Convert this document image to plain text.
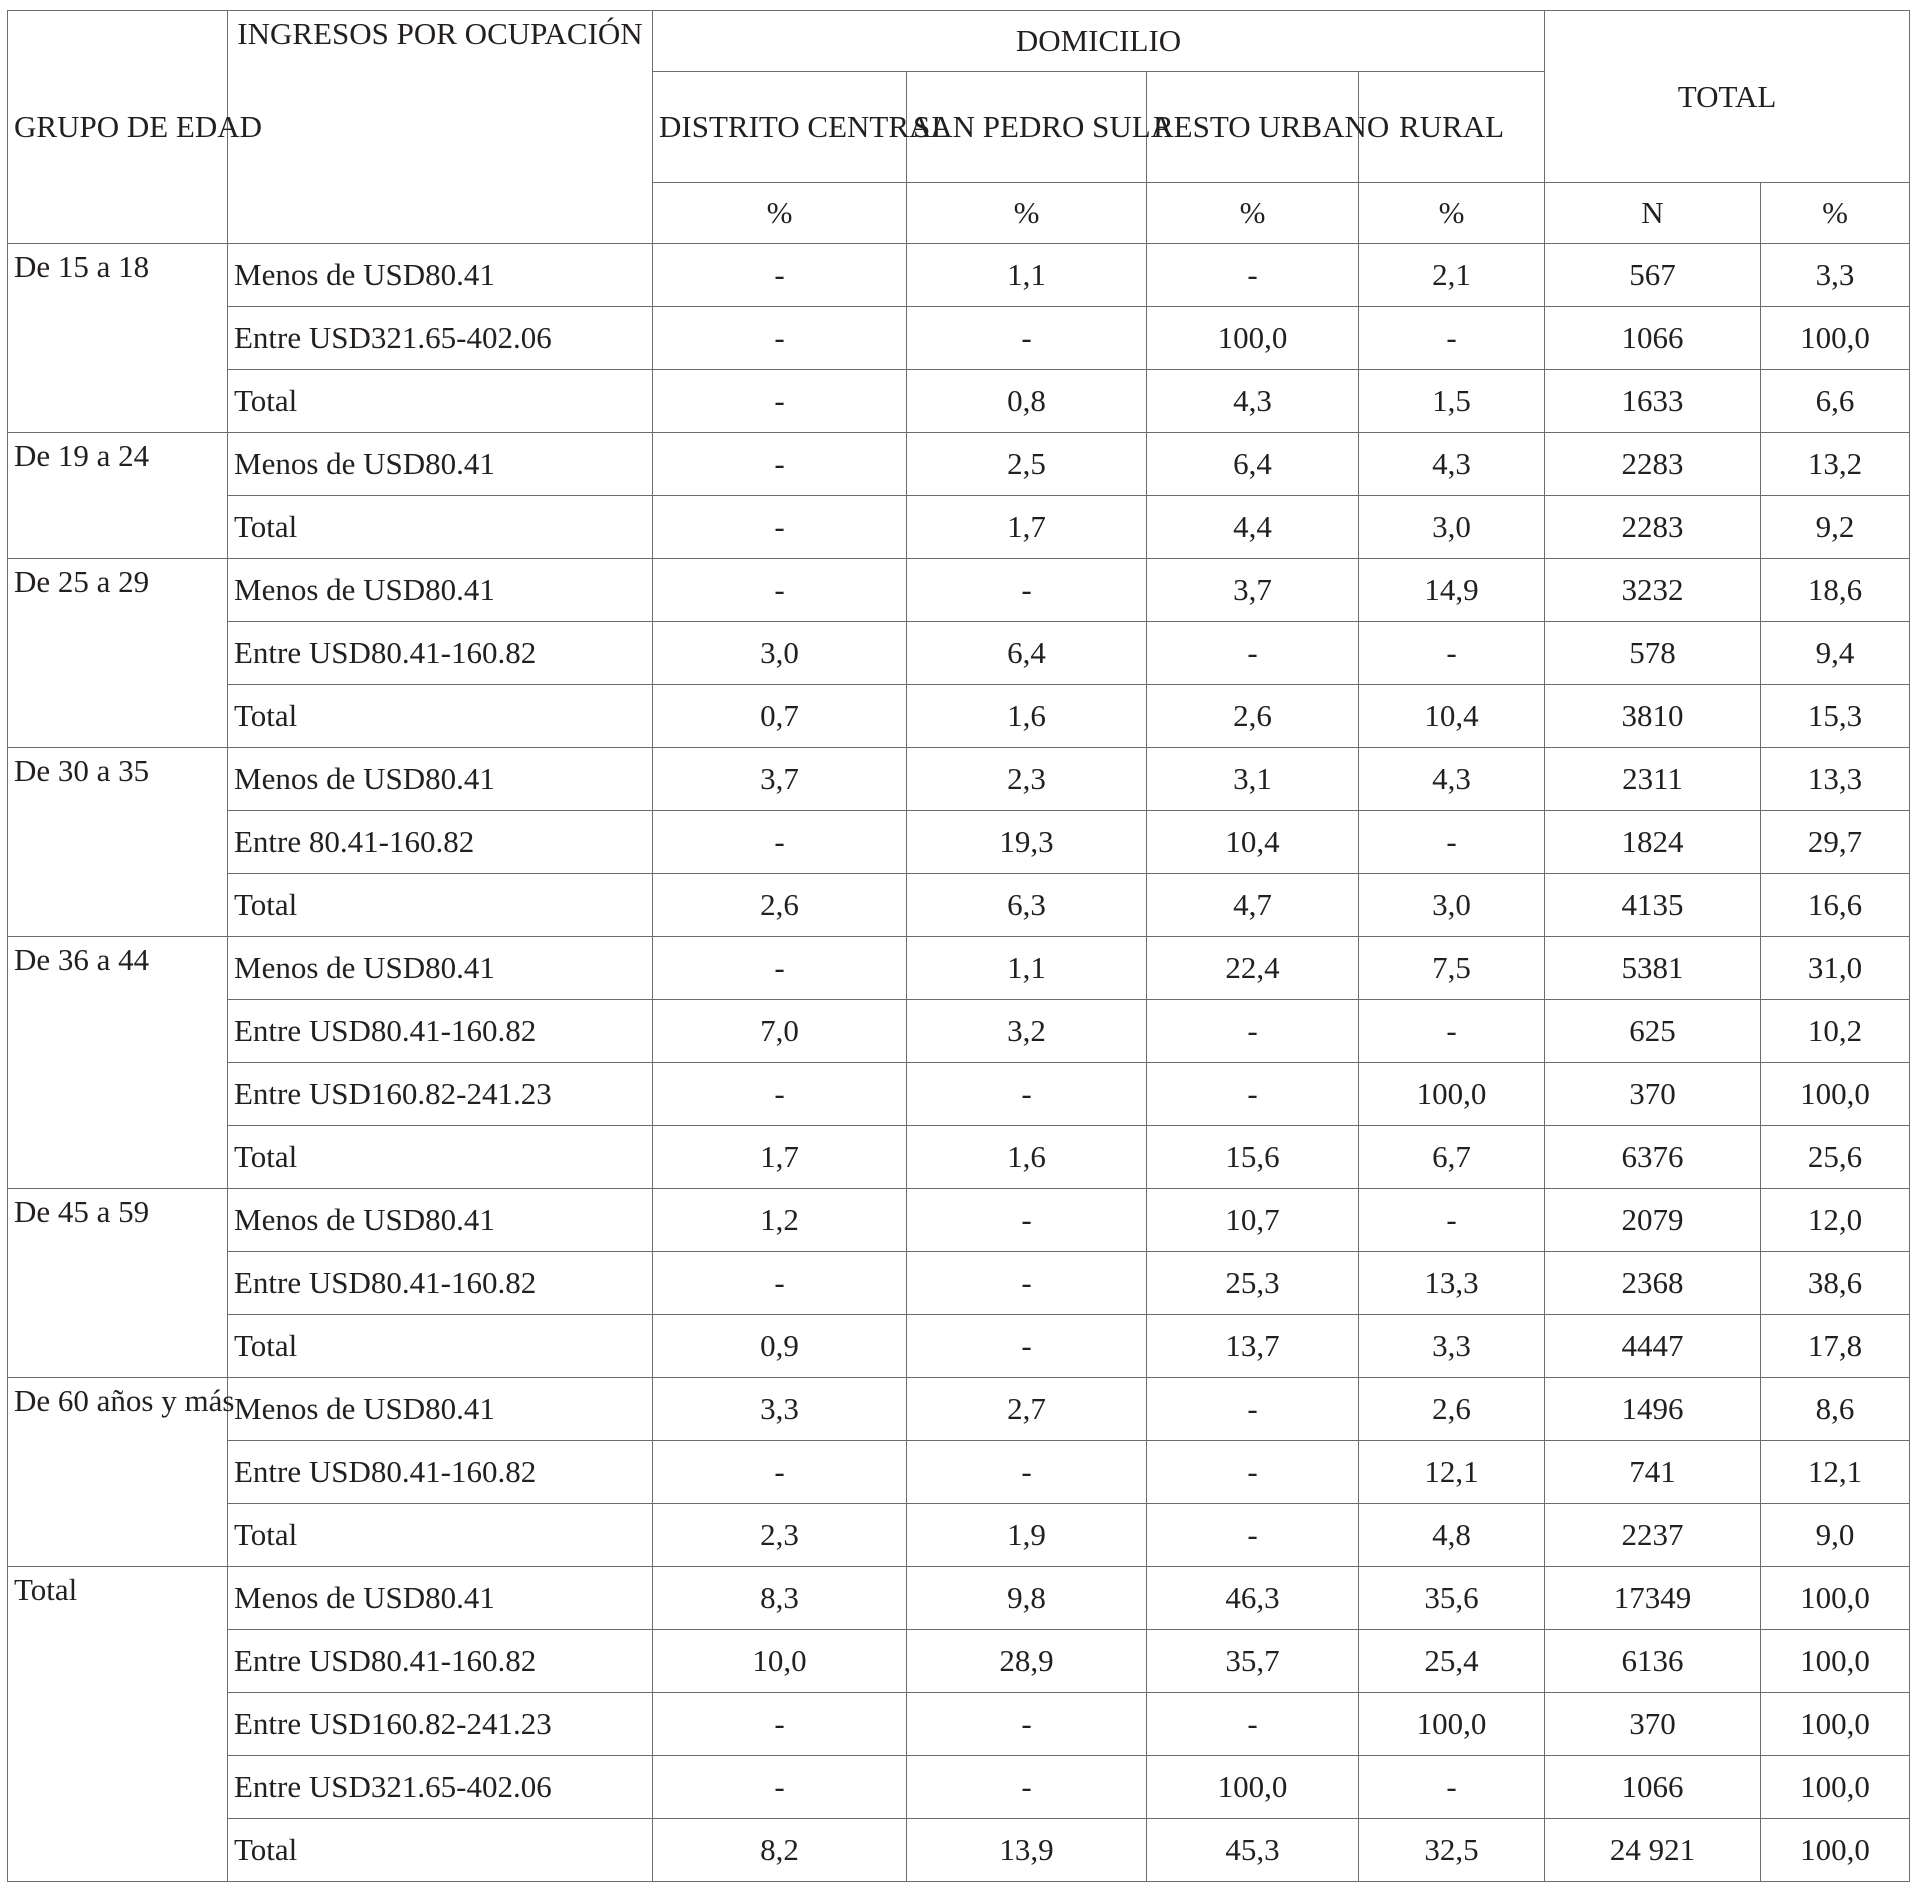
GRUPO DE EDAD	INGRESOS POR OCUPACIÓN	DOMICILIO				TOTAL	
		DISTRITO CENTRAL	SAN PEDRO SULA	RESTO URBANO	RURAL		
		%	%	%	%	N	%
De 15 a 18	Menos de USD80.41	-	1,1	-	2,1	567	3,3
	Entre USD321.65-402.06	-	-	100,0	-	1066	100,0
	Total	-	0,8	4,3	1,5	1633	6,6
De 19 a 24	Menos de USD80.41	-	2,5	6,4	4,3	2283	13,2
	Total	-	1,7	4,4	3,0	2283	9,2
De 25 a 29	Menos de USD80.41	-	-	3,7	14,9	3232	18,6
	Entre USD80.41-160.82	3,0	6,4	-	-	578	9,4
	Total	0,7	1,6	2,6	10,4	3810	15,3
De 30 a 35	Menos de USD80.41	3,7	2,3	3,1	4,3	2311	13,3
	Entre 80.41-160.82	-	19,3	10,4	-	1824	29,7
	Total	2,6	6,3	4,7	3,0	4135	16,6
De 36 a 44	Menos de USD80.41	-	1,1	22,4	7,5	5381	31,0
	Entre USD80.41-160.82	7,0	3,2	-	-	625	10,2
	Entre USD160.82-241.23	-	-	-	100,0	370	100,0
	Total	1,7	1,6	15,6	6,7	6376	25,6
De 45 a 59	Menos de USD80.41	1,2	-	10,7	-	2079	12,0
	Entre USD80.41-160.82	-	-	25,3	13,3	2368	38,6
	Total	0,9	-	13,7	3,3	4447	17,8
De 60 años y más	Menos de USD80.41	3,3	2,7	-	2,6	1496	8,6
	Entre USD80.41-160.82	-	-	-	12,1	741	12,1
	Total	2,3	1,9	-	4,8	2237	9,0
Total	Menos de USD80.41	8,3	9,8	46,3	35,6	17349	100,0
	Entre USD80.41-160.82	10,0	28,9	35,7	25,4	6136	100,0
	Entre USD160.82-241.23	-	-	-	100,0	370	100,0
	Entre USD321.65-402.06	-	-	100,0	-	1066	100,0
	Total	8,2	13,9	45,3	32,5	24 921	100,0
